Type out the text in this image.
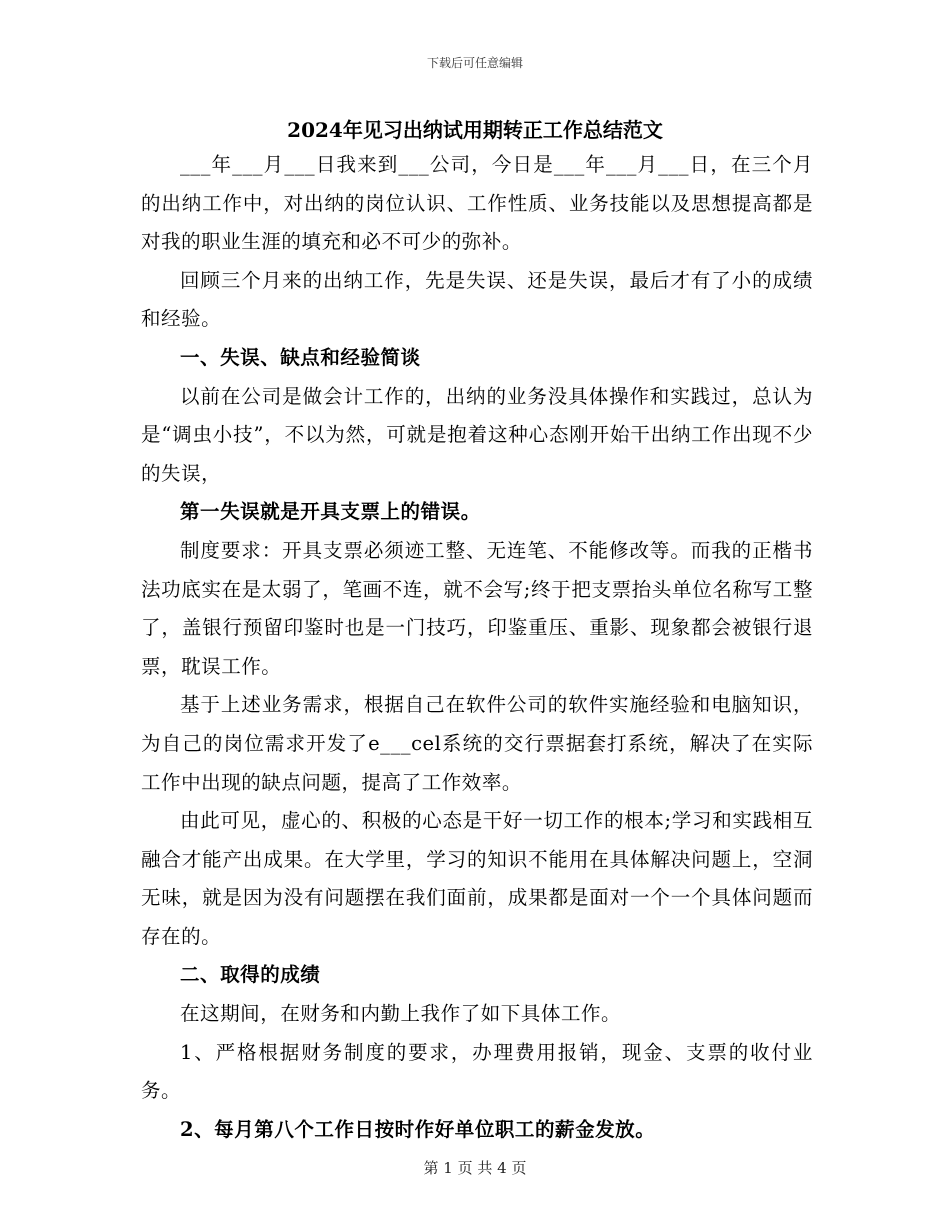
下载后可任意编辑
2024年见习出纳试用期转正工作总结范文

___年___月___日我来到___公司，今日是___年___月___日，在三个月的出纳工作中，对出纳的岗位认识、工作性质、业务技能以及思想提高都是对我的职业生涯的填充和必不可少的弥补。

回顾三个月来的出纳工作，先是失误、还是失误，最后才有了小的成绩和经验。

一、失误、缺点和经验简谈

以前在公司是做会计工作的，出纳的业务没具体操作和实践过，总认为是“调虫小技”，不以为然，可就是抱着这种心态刚开始干出纳工作出现不少的失误，

第一失误就是开具支票上的错误。

制度要求：开具支票必须迹工整、无连笔、不能修改等。而我的正楷书法功底实在是太弱了，笔画不连，就不会写;终于把支票抬头单位名称写工整了，盖银行预留印鉴时也是一门技巧，印鉴重压、重影、现象都会被银行退票，耽误工作。

基于上述业务需求，根据自己在软件公司的软件实施经验和电脑知识，为自己的岗位需求开发了e___cel系统的交行票据套打系统，解决了在实际工作中出现的缺点问题，提高了工作效率。

由此可见，虚心的、积极的心态是干好一切工作的根本;学习和实践相互融合才能产出成果。在大学里，学习的知识不能用在具体解决问题上，空洞无味，就是因为没有问题摆在我们面前，成果都是面对一个一个具体问题而存在的。

二、取得的成绩

在这期间，在财务和内勤上我作了如下具体工作。

1、严格根据财务制度的要求，办理费用报销，现金、支票的收付业务。

2、每月第八个工作日按时作好单位职工的薪金发放。

第 1 页 共 4 页
